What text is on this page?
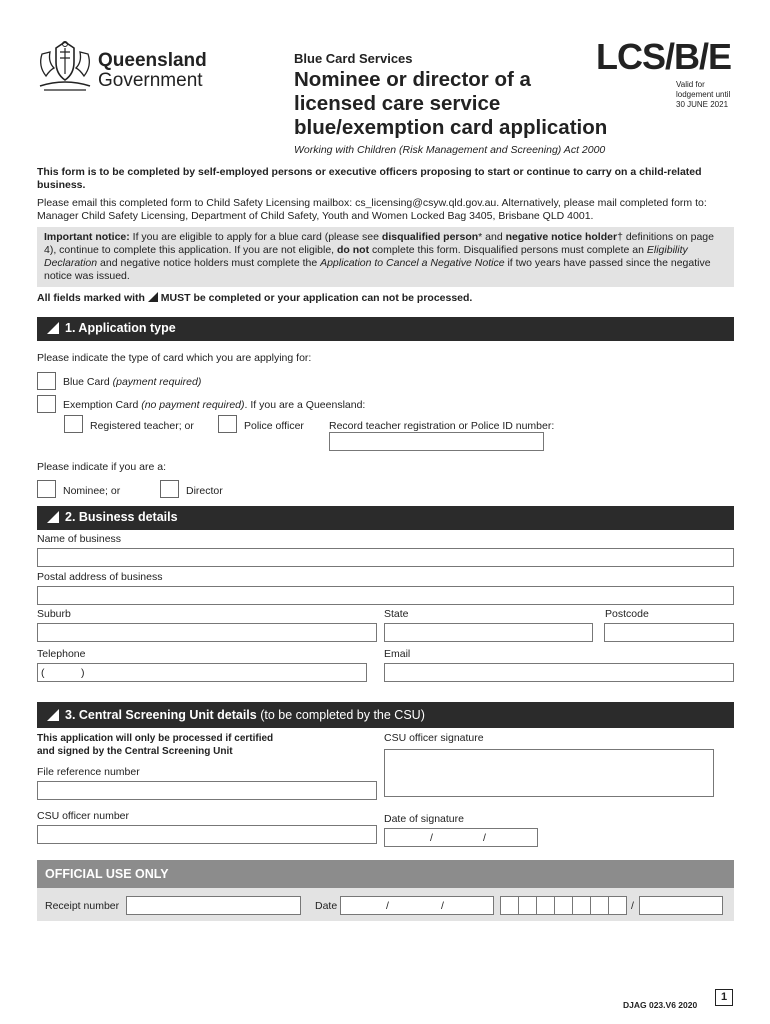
Queensland
Government
Blue Card Services
Nominee or director of a
licensed care service
blue/exemption card application
LCS/B/E
Valid for
lodgement until
30 JUNE 2021
Working with Children (Risk Management and Screening) Act 2000
This form is to be completed by self-employed persons or executive officers proposing to start or continue to carry on a child-related business.
Please email this completed form to Child Safety Licensing mailbox: cs_licensing@csyw.qld.gov.au. Alternatively, please mail completed form to: Manager Child Safety Licensing, Department of Child Safety, Youth and Women Locked Bag 3405, Brisbane QLD 4001.
Important notice: If you are eligible to apply for a blue card (please see disqualified person* and negative notice holder† definitions on page 4), continue to complete this application. If you are not eligible, do not complete this form. Disqualified persons must complete an Eligibility Declaration and negative notice holders must complete the Application to Cancel a Negative Notice if two years have passed since the negative notice was issued.
All fields marked with  MUST be completed or your application can not be processed.
1. Application type
Please indicate the type of card which you are applying for:
Blue Card (payment required)
Exemption Card (no payment required). If you are a Queensland:
Registered teacher; or	Police officer Record teacher registration or Police ID number:
Please indicate if you are a:
Nominee; or	Director
2. Business details
Name of business
Postal address of business
Suburb	State	Postcode
Telephone	Email
(	)
3. Central Screening Unit details (to be completed by the CSU)
This application will only be processed if certified
and signed by the Central Screening Unit
CSU officer signature
File reference number
CSU officer number	Date of signature
/	/
OFFICIAL USE ONLY
Receipt number	Date	/	/	/
DJAG 023.V6 2020
1
